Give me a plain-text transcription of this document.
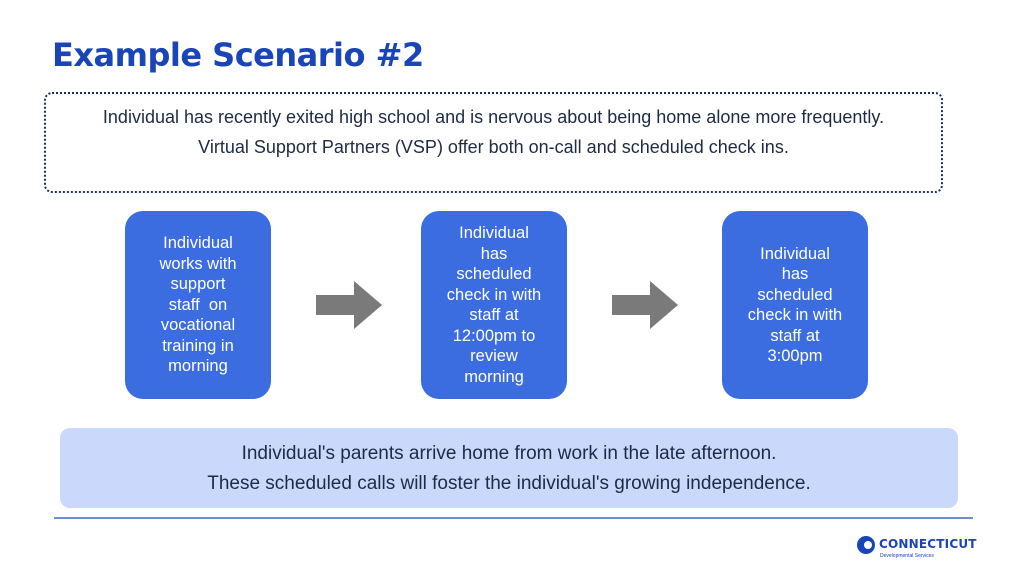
Example Scenario #2
Individual has recently exited high school and is nervous about being home alone more frequently.
Virtual Support Partners (VSP) offer both on-call and scheduled check ins.
Individual
works with
support
staff  on
vocational
training in
morning
Individual
has
scheduled
check in with
staff at
12:00pm to
review
morning
Individual
has
scheduled
check in with
staff at
3:00pm
Individual's parents arrive home from work in the late afternoon.
These scheduled calls will foster the individual's growing independence.
CONNECTICUT
Developmental Services
